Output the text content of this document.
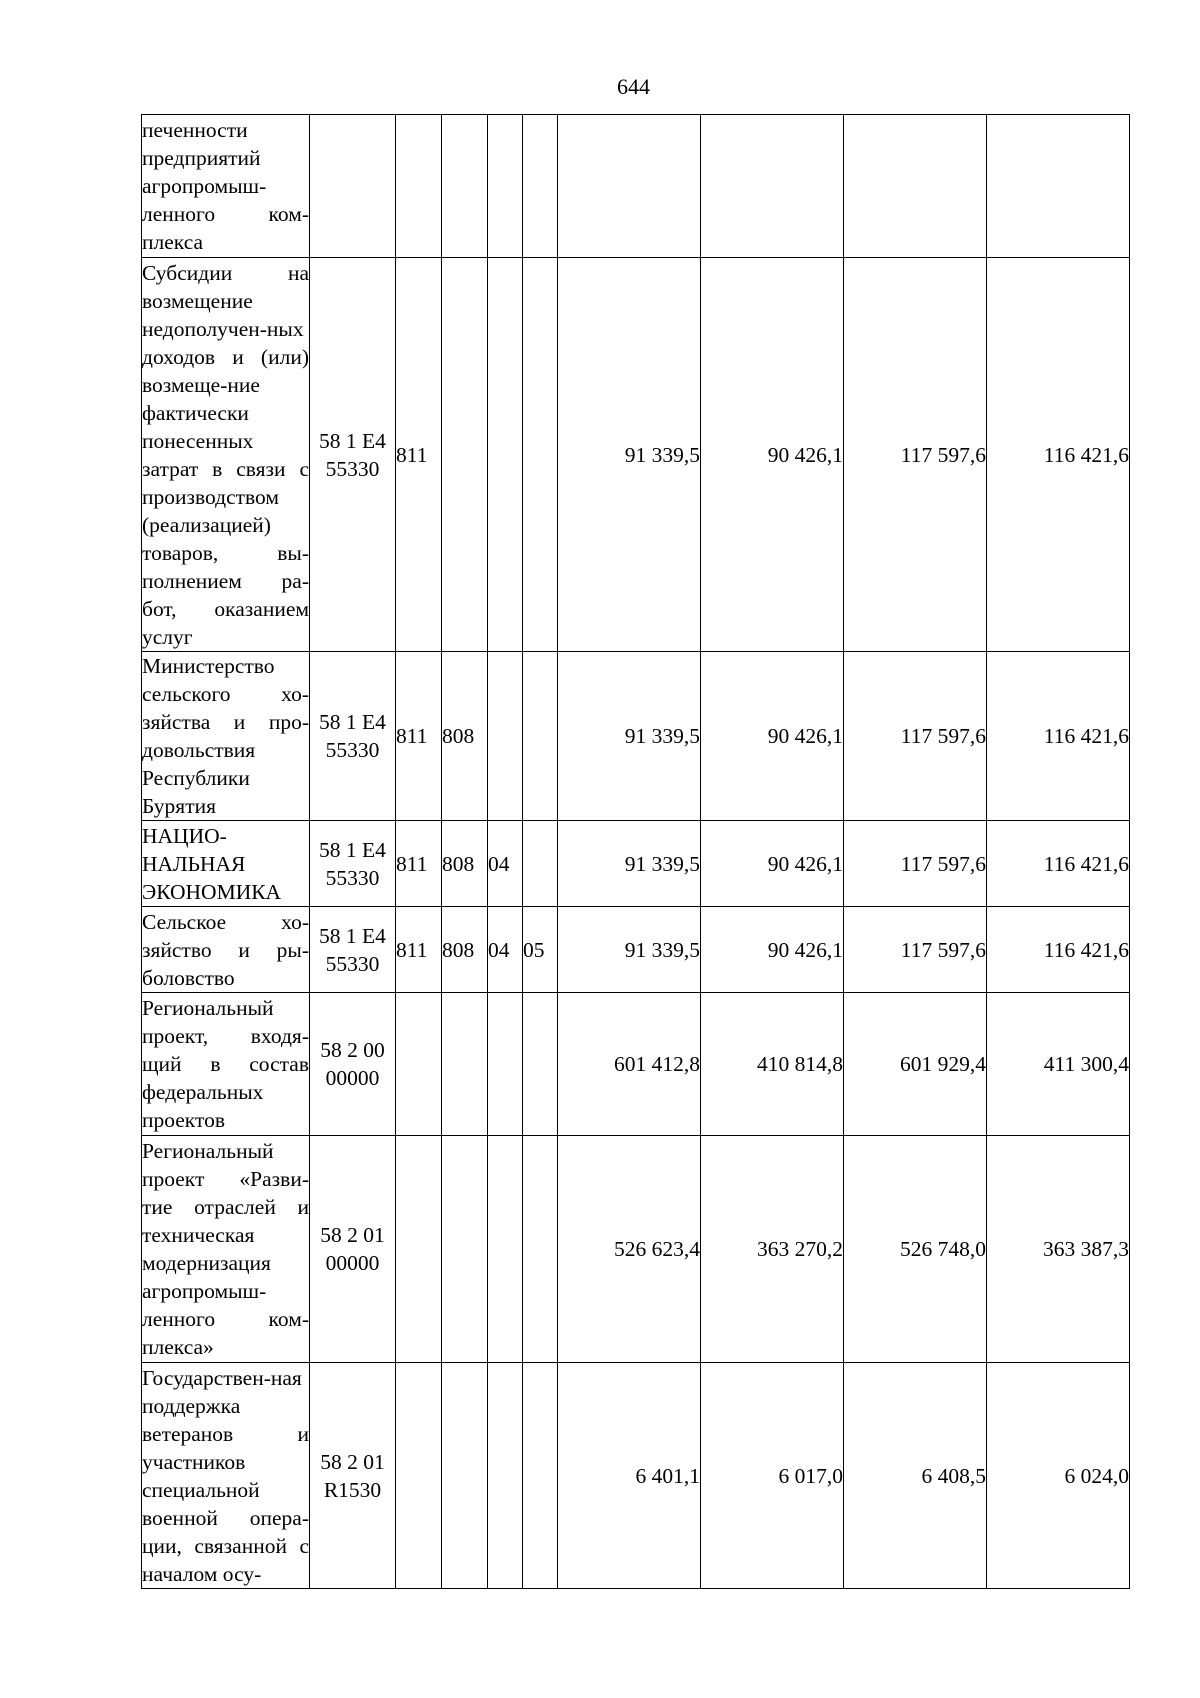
644
печенности предприятий агропромыш-ленного ком-плекса									
Субсидии на возмещение недополучен-ных доходов и (или) возмеще-ние фактически понесенных затрат в связи с производством (реализацией) товаров, вы-полнением ра-бот, оказанием услуг	58 1 Е4 55330	811				91 339,5	90 426,1	117 597,6	116 421,6
Министерство сельского хо-зяйства и про-довольствия Республики Бурятия	58 1 Е4 55330	811	808			91 339,5	90 426,1	117 597,6	116 421,6
НАЦИО-НАЛЬНАЯ ЭКОНОМИКА	58 1 Е4 55330	811	808	04		91 339,5	90 426,1	117 597,6	116 421,6
Сельское хо-зяйство и ры-боловство	58 1 Е4 55330	811	808	04	05	91 339,5	90 426,1	117 597,6	116 421,6
Региональный проект, входя-щий в состав федеральных проектов	58 2 00 00000					601 412,8	410 814,8	601 929,4	411 300,4
Региональный проект «Разви-тие отраслей и техническая модернизация агропромыш-ленного ком-плекса»	58 2 01 00000					526 623,4	363 270,2	526 748,0	363 387,3
Государствен-ная поддержка ветеранов и участников специальной военной опера-ции, связанной с началом осу-	58 2 01 R1530					6 401,1	6 017,0	6 408,5	6 024,0
